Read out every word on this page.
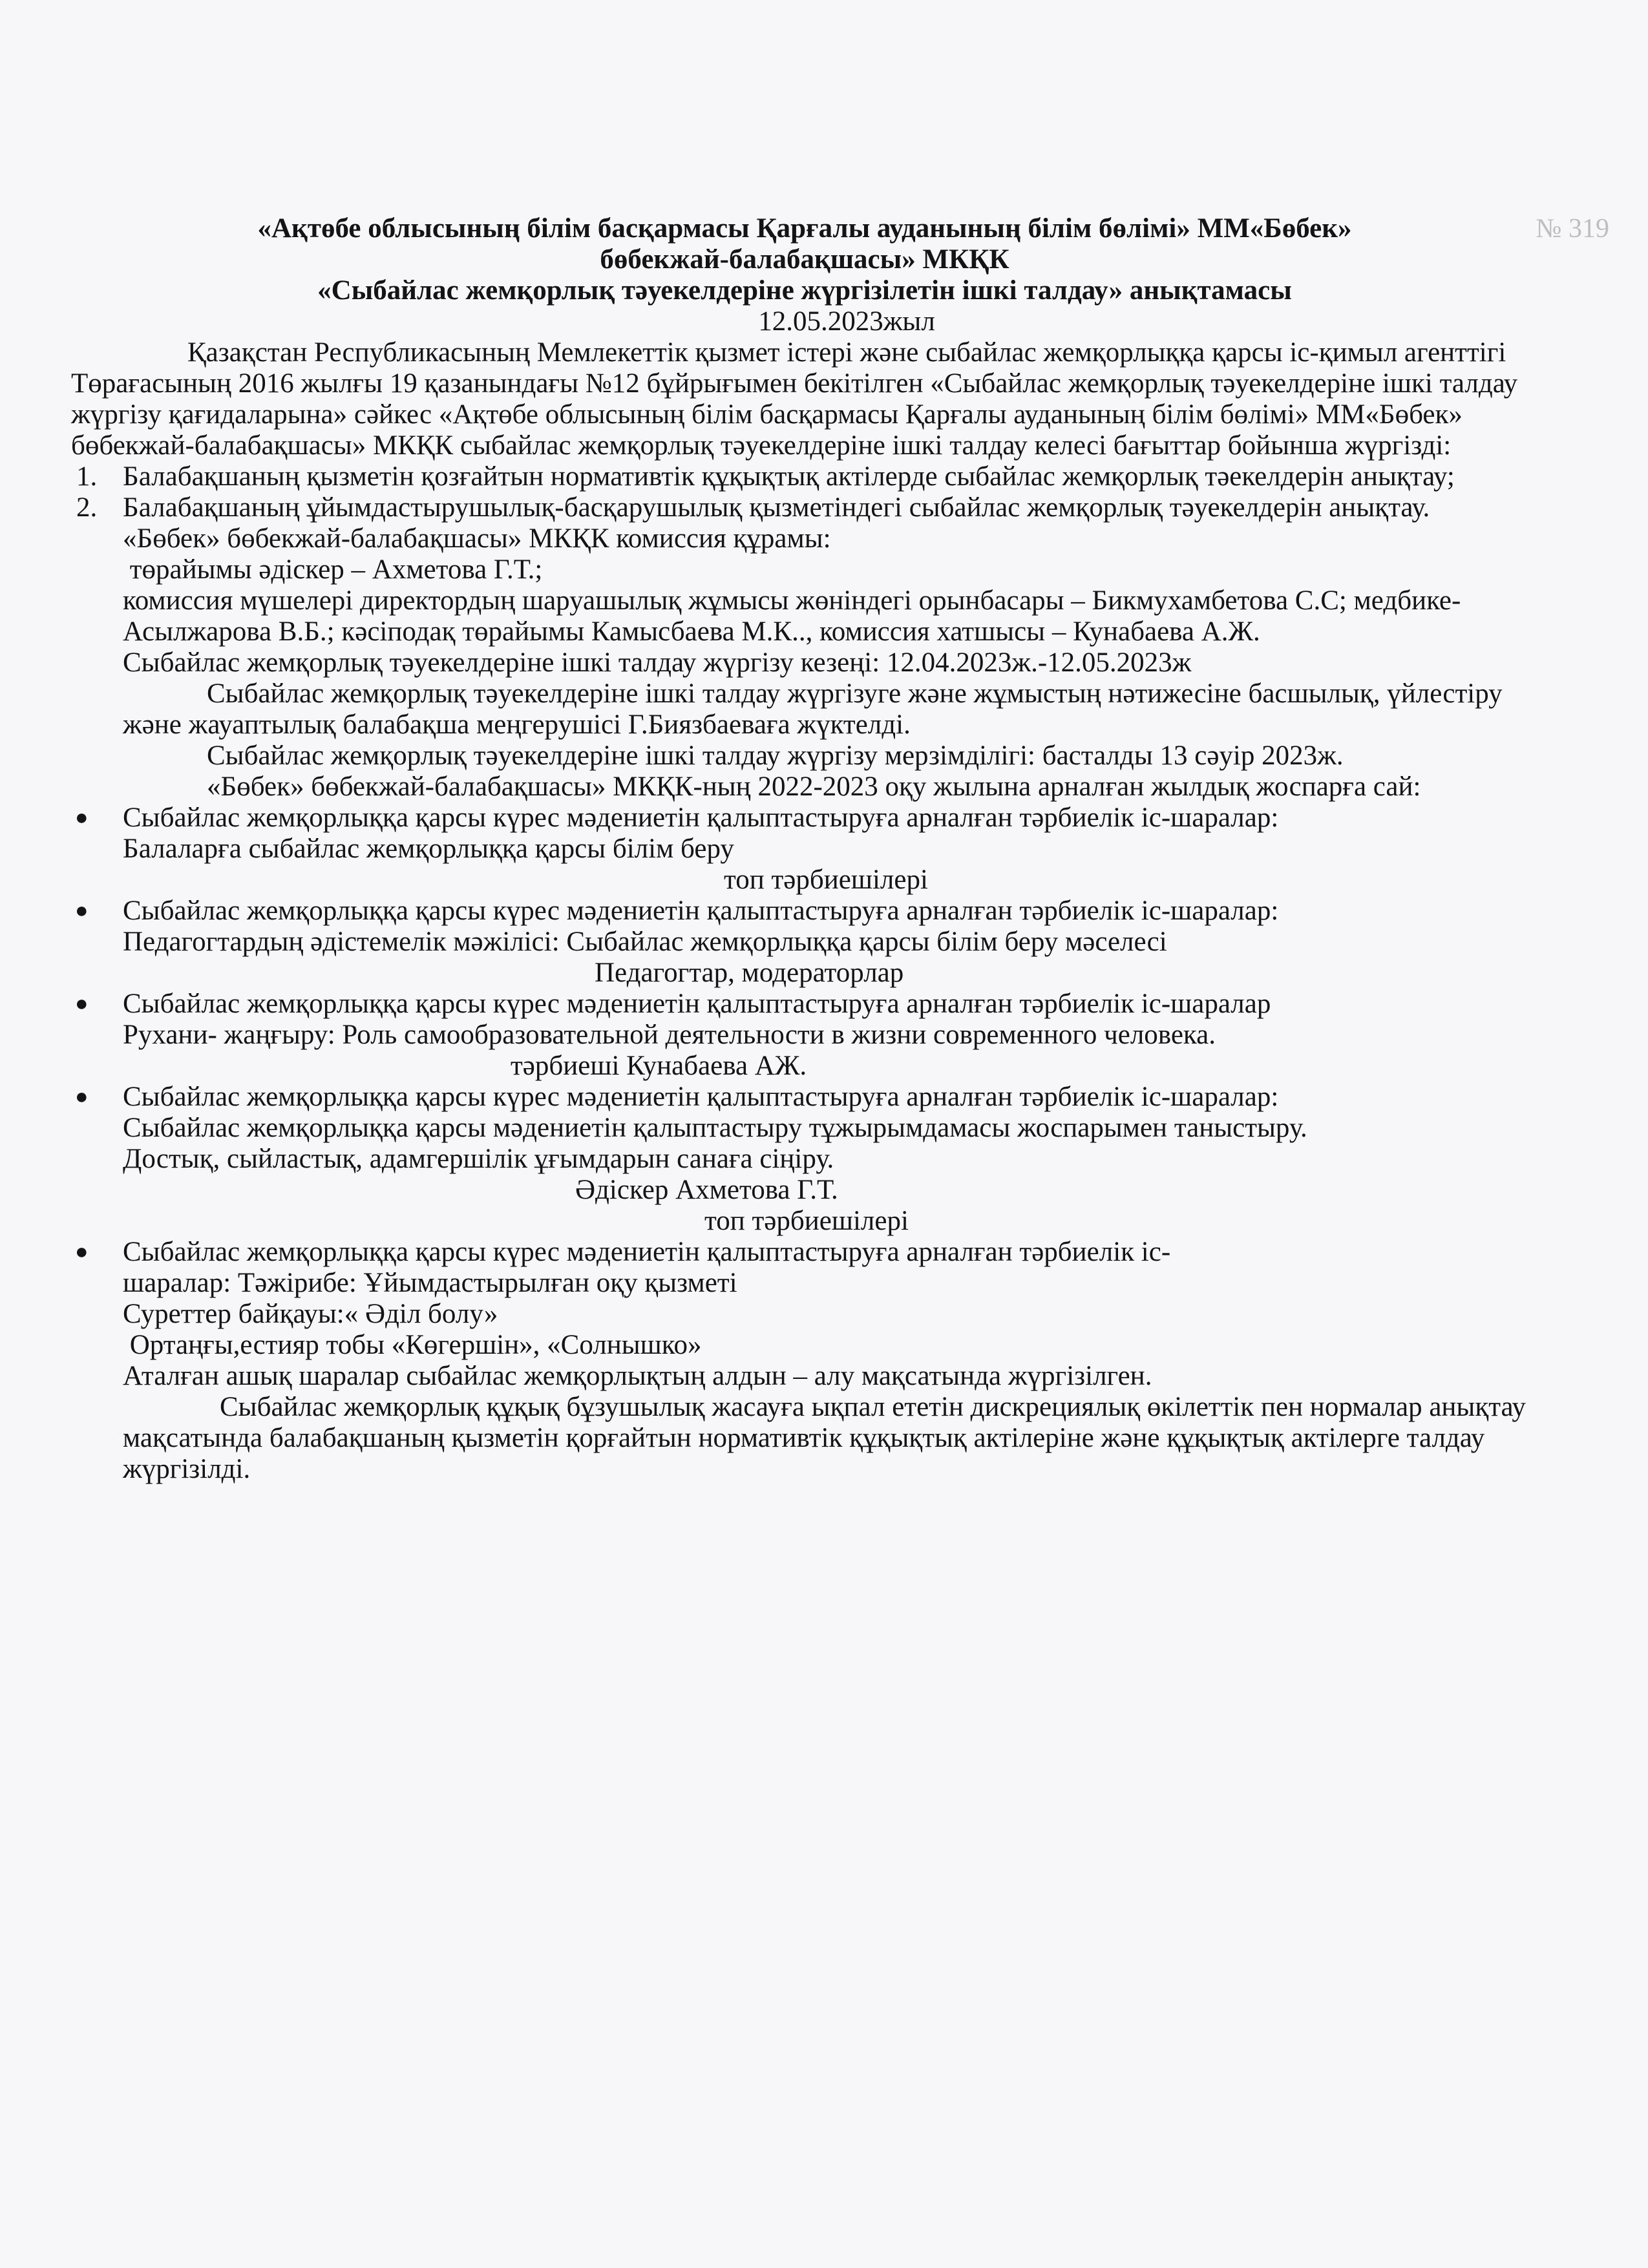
№ 319
«Ақтөбе облысының білім басқармасы Қарғалы ауданының білім бөлімі» ММ«Бөбек»
бөбекжай-балабақшасы» МКҚК
«Сыбайлас жемқорлық тәуекелдеріне жүргізілетін ішкі талдау» анықтамасы
12.05.2023жыл

Қазақстан Республикасының Мемлекеттік қызмет істері және сыбайлас жемқорлыққа қарсы іс-қимыл агенттігі Төрағасының 2016 жылғы 19 қазанындағы №12 бұйрығымен бекітілген «Сыбайлас жемқорлық тәуекелдеріне ішкі талдау жүргізу қағидаларына» сәйкес «Ақтөбе облысының білім басқармасы Қарғалы ауданының білім бөлімі» ММ«Бөбек» бөбекжай-балабақшасы» МКҚК сыбайлас жемқорлық тәуекелдеріне ішкі талдау келесі бағыттар бойынша жүргізді:

1. Балабақшаның қызметін қозғайтын нормативтік құқықтық актілерде сыбайлас жемқорлық тәекелдерін анықтау;
2. Балабақшаның ұйымдастырушылық-басқарушылық қызметіндегі сыбайлас жемқорлық тәуекелдерін анықтау.
«Бөбек» бөбекжай-балабақшасы» МКҚК комиссия құрамы:
төрайымы әдіскер – Ахметова Г.Т.;
комиссия мүшелері директордың шаруашылық жұмысы жөніндегі орынбасары – Бикмухамбетова С.С; медбике-Асылжарова В.Б.; кәсіподақ төрайымы Камысбаева М.К.., комиссия хатшысы – Кунабаева А.Ж.
Сыбайлас жемқорлық тәуекелдеріне ішкі талдау жүргізу кезеңі: 12.04.2023ж.-12.05.2023ж

Сыбайлас жемқорлық тәуекелдеріне ішкі талдау жүргізуге және жұмыстың нәтижесіне басшылық, үйлестіру және жауаптылық балабақша меңгерушісі Г.Биязбаевағa жүктелді.

Сыбайлас жемқорлық тәуекелдеріне ішкі талдау жүргізу мерзімділігі: басталды 13 сәуір 2023ж.

«Бөбек» бөбекжай-балабақшасы» МКҚК-ның 2022-2023 оқу жылына арналған жылдық жоспарға сай:

● Сыбайлас жемқорлыққа қарсы күрес мәдениетін қалыптастыруға арналған тәрбиелік іс-шаралар:
Балаларға сыбайлас жемқорлыққа қарсы білім беру
топ тәрбиешілері
● Сыбайлас жемқорлыққа қарсы күрес мәдениетін қалыптастыруға арналған тәрбиелік іс-шаралар:
Педагогтардың әдістемелік мәжілісі: Сыбайлас жемқорлыққа қарсы білім беру мәселесі
Педагогтар, модераторлар
● Сыбайлас жемқорлыққа қарсы күрес мәдениетін қалыптастыруға арналған тәрбиелік іс-шаралар
Рухани- жаңғыру: Роль самообразовательной деятельности в жизни современного человека.
тәрбиеші Кунабаева АЖ.
● Сыбайлас жемқорлыққа қарсы күрес мәдениетін қалыптастыруға арналған тәрбиелік іс-шаралар:
Сыбайлас жемқорлыққа қарсы мәдениетін қалыптастыру тұжырымдамасы жоспарымен таныстыру.
Достық, сыйластық, адамгершілік ұғымдарын санаға сіңіру.
Әдіскер Ахметова Г.Т.
топ тәрбиешілері
● Сыбайлас жемқорлыққа қарсы күрес мәдениетін қалыптастыруға арналған тәрбиелік іс-
шаралар: Тәжірибе: Ұйымдастырылған оқу қызметі
Суреттер байқауы:« Әділ болу»
Ортаңғы,естияр тобы «Көгершін», «Солнышко»

Аталған ашық шаралар сыбайлас жемқорлықтың алдын – алу мақсатында жүргізілген.

Сыбайлас жемқорлық құқық бұзушылық жасауға ықпал ететін дискрециялық өкілеттік пен нормалар анықтау мақсатында балабақшаның қызметін қорғайтын нормативтік құқықтық актілеріне және құқықтық актілерге талдау жүргізілді.
